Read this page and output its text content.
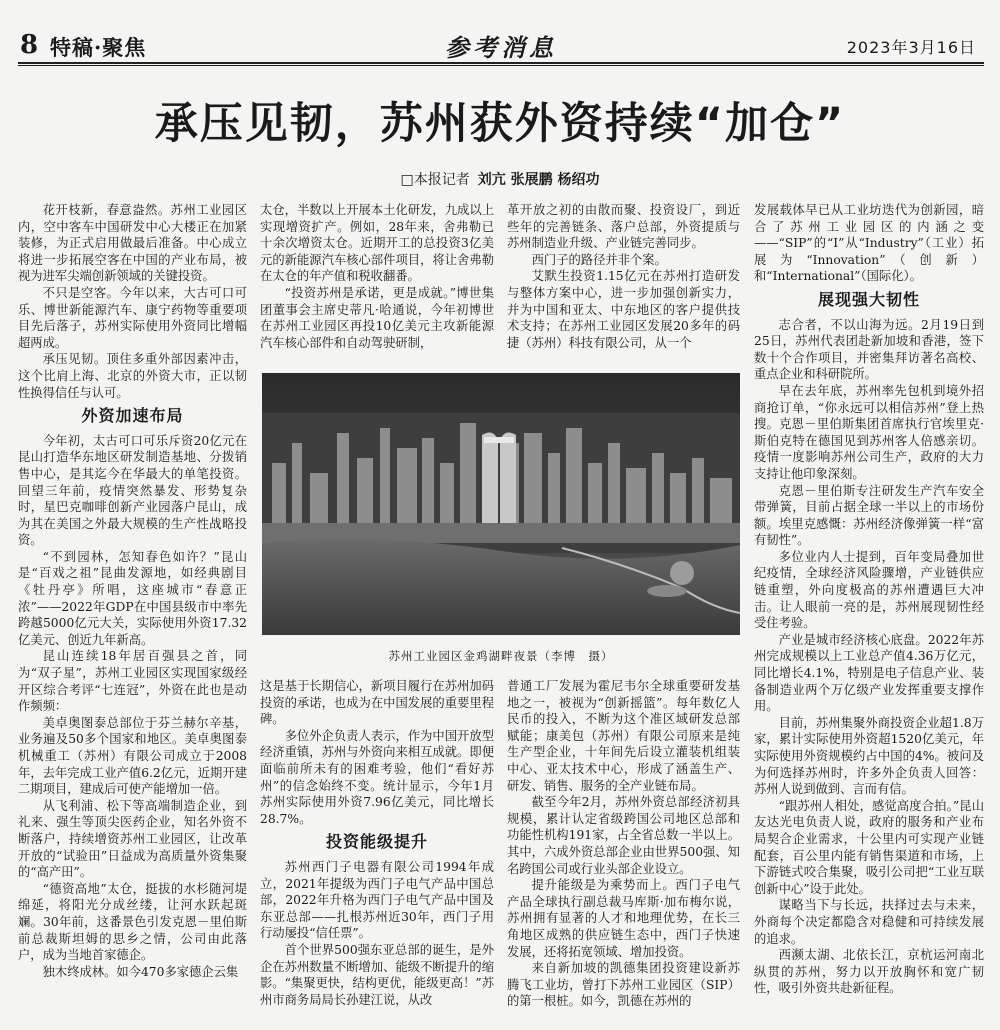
8 特稿·聚焦	参考消息	2023年3月16日
承压见韧，苏州获外资持续“加仓”
□本报记者 刘亢 张展鹏 杨绍功

花开枝新，春意盎然。苏州工业园区内，空中客车中国研发中心大楼正在加紧装修，为正式启用做最后准备。中心成立将进一步拓展空客在中国的产业布局，被视为进军尖端创新领域的关键投资。

不只是空客。今年以来，大古可口可乐、博世新能源汽车、康宁药物等重要项目先后落子，苏州实际使用外资同比增幅超两成。

承压见韧。顶住多重外部因素冲击，这个比肩上海、北京的外资大市，正以韧性换得信任与认可。

外资加速布局

今年初，太古可口可乐斥资20亿元在昆山打造华东地区研发制造基地、分拨销售中心，是其迄今在华最大的单笔投资。回望三年前，疫情突然暴发、形势复杂时，星巴克咖啡创新产业园落户昆山，成为其在美国之外最大规模的生产性战略投资。

“不到园林，怎知春色如许？”昆山是“百戏之祖”昆曲发源地，如经典剧目《牡丹亭》所唱，这座城市“春意正浓”——2022年GDP在中国县级市中率先跨越5000亿元大关，实际使用外资17.32亿美元、创近九年新高。

昆山连续18年居百强县之首，同为“双子星”，苏州工业园区实现国家级经开区综合考评“七连冠”，外资在此也是动作频频：

美卓奥图泰总部位于芬兰赫尔辛基，业务遍及50多个国家和地区。美卓奥图泰机械重工（苏州）有限公司成立于2008年，去年完成工业产值6.2亿元，近期开建二期项目，建成后可使产能增加一倍。

从飞利浦、松下等高端制造企业，到礼来、强生等顶尖医药企业，知名外资不断落户，持续增资苏州工业园区，让改革开放的“试验田”日益成为高质量外资集聚的“高产田”。

“德资高地”太仓，挺拔的水杉随河堤绵延，将阳光分成丝缕，让河水跃起斑斓。30年前，这番景色引发克恩－里伯斯前总裁斯坦姆的思乡之情，公司由此落户，成为当地首家德企。

独木终成林。如今470多家德企云集

太仓，半数以上开展本土化研发，九成以上实现增资扩产。例如，28年来，舍弗勒已十余次增资太仓。近期开工的总投资3亿美元的新能源汽车核心部件项目，将让舍弗勒在太仓的年产值和税收翻番。

“投资苏州是承诺，更是成就。”博世集团董事会主席史蒂凡·哈通说，今年初博世在苏州工业园区再投10亿美元主攻新能源汽车核心部件和自动驾驶研制，

革开放之初的由散而聚、投资设厂，到近些年的完善链条、落户总部，外资提质与苏州制造业升级、产业链完善同步。

西门子的路径并非个案。

艾默生投资1.15亿元在苏州打造研发与整体方案中心，进一步加强创新实力，并为中国和亚太、中东地区的客户提供技术支持；在苏州工业园区发展20多年的码捷（苏州）科技有限公司，从一个

苏州工业园区金鸡湖畔夜景（李博　摄）

这是基于长期信心，新项目履行在苏州加码投资的承诺，也成为在中国发展的重要里程碑。

多位外企负责人表示，作为中国开放型经济重镇，苏州与外资向来相互成就。即便面临前所未有的困难考验，他们“看好苏州”的信念始终不变。统计显示，今年1月苏州实际使用外资7.96亿美元，同比增长28.7%。

投资能级提升

苏州西门子电器有限公司1994年成立，2021年提级为西门子电气产品中国总部，2022年升格为西门子电气产品中国及东亚总部——扎根苏州近30年，西门子用行动屡投“信任票”。

首个世界500强东亚总部的诞生，是外企在苏州数量不断增加、能级不断提升的缩影。“集聚更快，结构更优，能级更高！”苏州市商务局局长孙建江说，从改

普通工厂发展为霍尼韦尔全球重要研发基地之一，被视为“创新摇篮”。每年数亿人民币的投入，不断为这个准区域研发总部赋能；康美包（苏州）有限公司原来是纯生产型企业，十年间先后设立灌装机组装中心、亚太技术中心，形成了涵盖生产、研发、销售、服务的全产业链布局。

截至今年2月，苏州外资总部经济初具规模，累计认定省级跨国公司地区总部和功能性机构191家，占全省总数一半以上。其中，六成外资总部企业由世界500强、知名跨国公司或行业头部企业设立。

提升能级是为乘势而上。西门子电气产品全球执行副总裁马库斯·加布梅尔说，苏州拥有显著的人才和地理优势，在长三角地区成熟的供应链生态中，西门子快速发展，还将拓宽领域、增加投资。

来自新加坡的凯德集团投资建设新苏腾飞工业坊，曾打下苏州工业园区（SIP）的第一根桩。如今，凯德在苏州的

发展载体早已从工业坊迭代为创新园，暗合了苏州工业园区的内涵之变——“SIP”的“I”从“Industry”（工业）拓展为“Innovation”（创新）和“International”（国际化）。

展现强大韧性

志合者，不以山海为远。2月19日到25日，苏州代表团赴新加坡和香港，签下数十个合作项目，并密集拜访著名高校、重点企业和科研院所。

早在去年底，苏州率先包机到境外招商抢订单，“你永远可以相信苏州”登上热搜。克恩－里伯斯集团首席执行官埃里克·斯伯克特在德国见到苏州客人倍感亲切。疫情一度影响苏州公司生产，政府的大力支持让他印象深刻。

克恩－里伯斯专注研发生产汽车安全带弹簧，目前占据全球一半以上的市场份额。埃里克感慨：苏州经济像弹簧一样“富有韧性”。

多位业内人士提到，百年变局叠加世纪疫情，全球经济风险骤增，产业链供应链重塑，外向度极高的苏州遭遇巨大冲击。让人眼前一亮的是，苏州展现韧性经受住考验。

产业是城市经济核心底盘。2022年苏州完成规模以上工业总产值4.36万亿元，同比增长4.1%，特别是电子信息产业、装备制造业两个万亿级产业发挥重要支撑作用。

目前，苏州集聚外商投资企业超1.8万家，累计实际使用外资超1520亿美元，年实际使用外资规模约占中国的4%。被问及为何选择苏州时，许多外企负责人回答：苏州人说到做到、言而有信。

“跟苏州人相处，感觉高度合拍。”昆山友达光电负责人说，政府的服务和产业布局契合企业需求，十公里内可实现产业链配套，百公里内能有销售渠道和市场，上下游链式咬合集聚，吸引公司把“工业互联创新中心”设于此处。

谋略当下与长远，扶择过去与未来，外商每个决定都隐含对稳健和可持续发展的追求。

西濒太湖、北依长江，京杭运河南北纵贯的苏州，努力以开放胸怀和宽广韧性，吸引外资共赴新征程。
